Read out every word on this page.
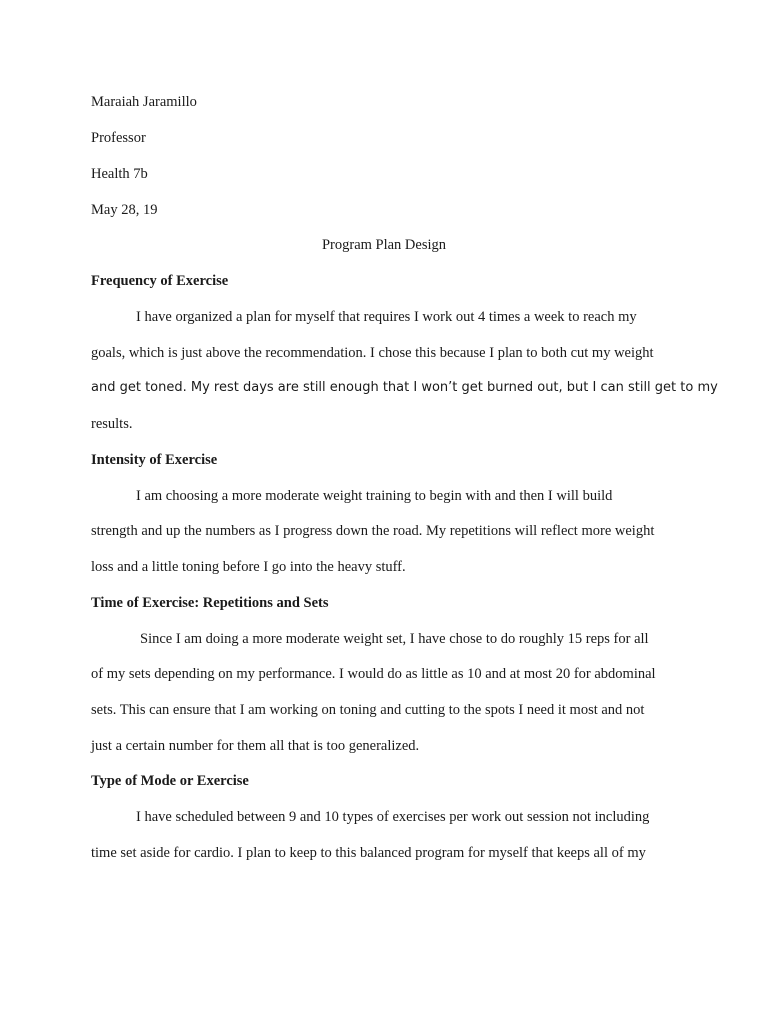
Maraiah Jaramillo
Professor
Health 7b
May 28, 19
Program Plan Design
Frequency of Exercise
I have organized a plan for myself that requires I work out 4 times a week to reach my
goals, which is just above the recommendation. I chose this because I plan to both cut my weight
and get toned. My rest days are still enough that I won’t get burned out, but I can still get to my
results.
Intensity of Exercise
I am choosing a more moderate weight training to begin with and then I will build
strength and up the numbers as I progress down the road. My repetitions will reflect more weight
loss and a little toning before I go into the heavy stuff.
Time of Exercise: Repetitions and Sets
Since I am doing a more moderate weight set, I have chose to do roughly 15 reps for all
of my sets depending on my performance. I would do as little as 10 and at most 20 for abdominal
sets. This can ensure that I am working on toning and cutting to the spots I need it most and not
just a certain number for them all that is too generalized.
Type of Mode or Exercise
I have scheduled between 9 and 10 types of exercises per work out session not including
time set aside for cardio. I plan to keep to this balanced program for myself that keeps all of my
